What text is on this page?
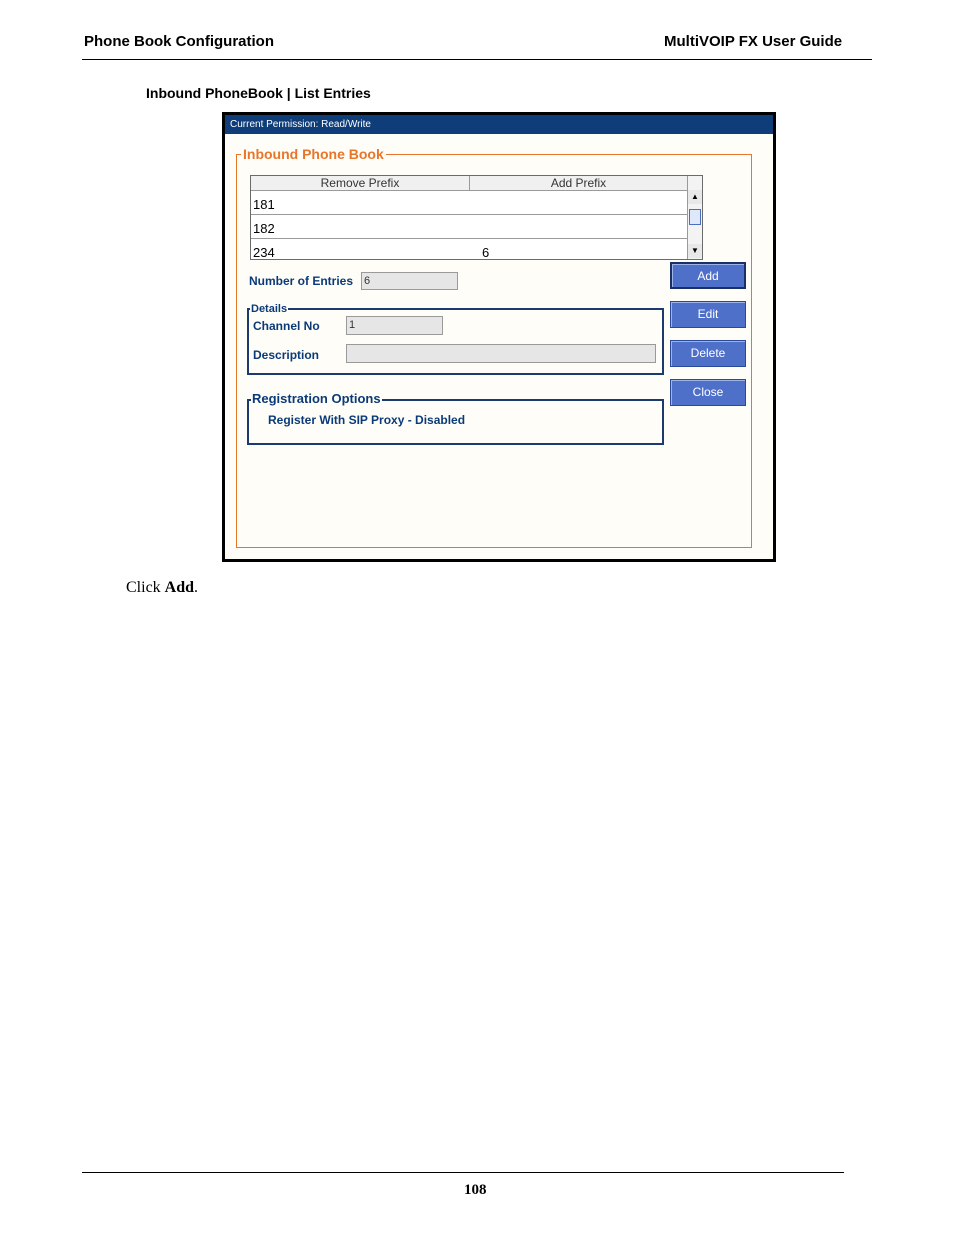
Phone Book Configuration	MultiVOIP FX User Guide
Inbound PhoneBook | List Entries
Current Permission: Read/Write
Inbound Phone Book
Remove Prefix	Add Prefix
181
182
234	6
▲
▼
Number of Entries 6
Details
Channel No	1
Description
Registration Options
Register With SIP Proxy - Disabled
Add
Edit
Delete
Close
Click Add.
108
